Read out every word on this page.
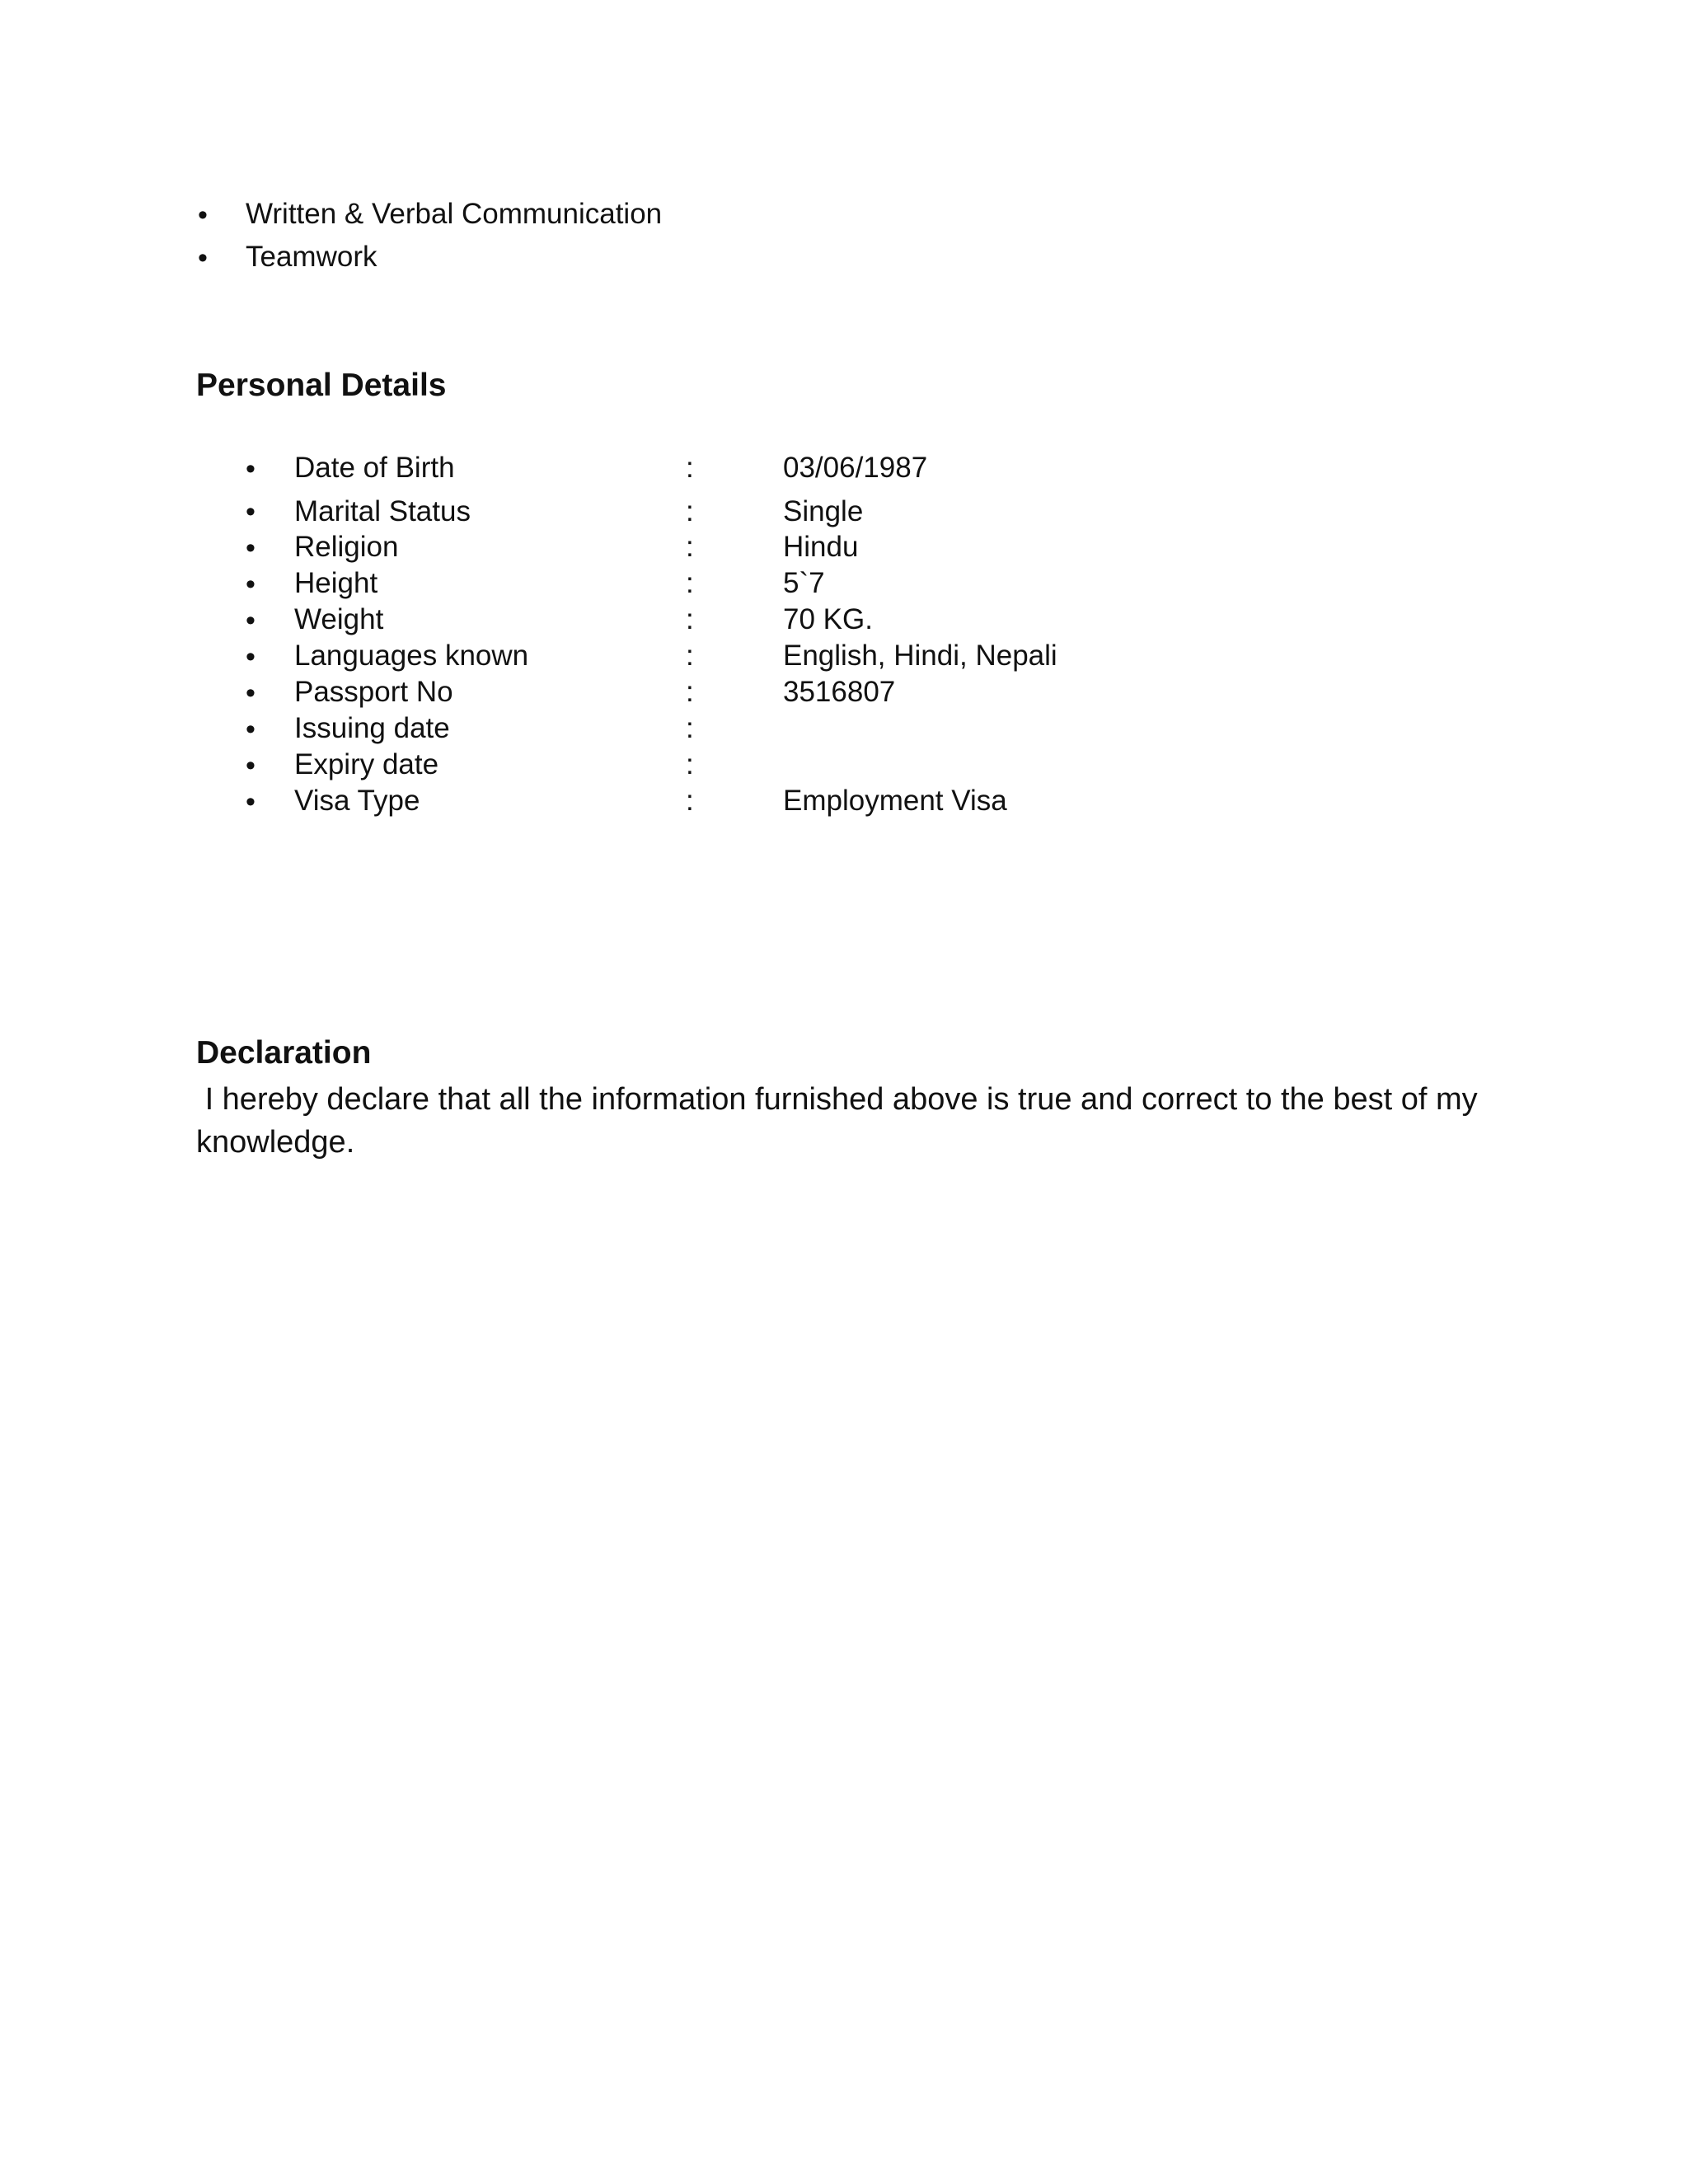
• Written & Verbal Communication
• Teamwork
Personal Details
• Date of Birth	:	03/06/1987
• Marital Status	:	Single
• Religion	:	Hindu
• Height	:	5`7
• Weight	:	70 KG.
• Languages known	:	English, Hindi, Nepali
• Passport No	:	3516807
• Issuing date	:
• Expiry date	:
• Visa Type	:	Employment Visa
Declaration
I hereby declare that all the information furnished above is true and correct to the best of my knowledge.
